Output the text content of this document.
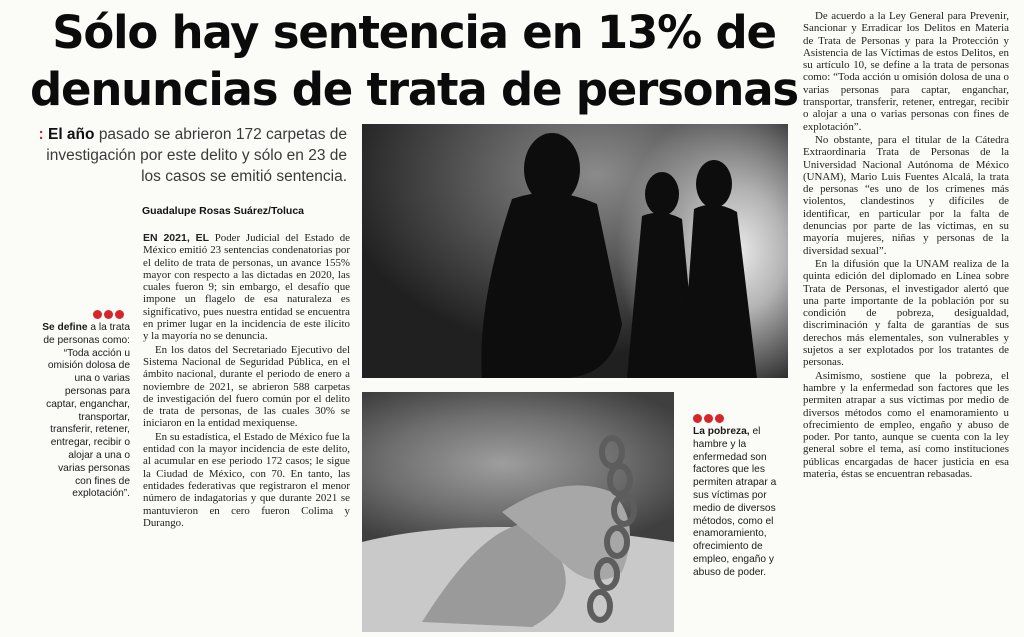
Sólo hay sentencia en 13% de
denuncias de trata de personas
: El año pasado se abrieron 172 carpetas de investigación por este delito y sólo en 23 de los casos se emitió sentencia.
Guadalupe Rosas Suárez/Toluca

EN 2021, EL Poder Judicial del Estado de México emitió 23 sentencias condenatorias por el delito de trata de personas, un avance 155% mayor con respecto a las dictadas en 2020, las cuales fueron 9; sin embargo, el desafío que impone un flagelo de esa naturaleza es significativo, pues nuestra entidad se encuentra en primer lugar en la incidencia de este ilícito y la mayoría no se denuncia.

En los datos del Secretariado Ejecutivo del Sistema Nacional de Seguridad Pública, en el ámbito nacional, durante el periodo de enero a noviembre de 2021, se abrieron 588 carpetas de investigación del fuero común por el delito de trata de personas, de las cuales 30% se iniciaron en la entidad mexiquense.

En su estadística, el Estado de México fue la entidad con la mayor incidencia de este delito, al acumular en ese periodo 172 casos; le sigue la Ciudad de México, con 70. En tanto, las entidades federativas que registraron el menor número de indagatorias y que durante 2021 se mantuvieron en cero fueron Colima y Durango.

Se define a la trata de personas como: “Toda acción u omisión dolosa de una o varias personas para captar, enganchar, transportar, transferir, retener, entregar, recibir o alojar a una o varias personas con fines de explotación”.
La pobreza, el hambre y la enfermedad son factores que les permiten atrapar a sus víctimas por medio de diversos métodos, como el enamoramiento, ofrecimiento de empleo, engaño y abuso de poder.

De acuerdo a la Ley General para Prevenir, Sancionar y Erradicar los Delitos en Materia de Trata de Personas y para la Protección y Asistencia de las Víctimas de estos Delitos, en su artículo 10, se define a la trata de personas como: “Toda acción u omisión dolosa de una o varias personas para captar, enganchar, transportar, transferir, retener, entregar, recibir o alojar a una o varias personas con fines de explotación”.

No obstante, para el titular de la Cátedra Extraordinaria Trata de Personas de la Universidad Nacional Autónoma de México (UNAM), Mario Luis Fuentes Alcalá, la trata de personas “es uno de los crímenes más violentos, clandestinos y difíciles de identificar, en particular por la falta de denuncias por parte de las víctimas, en su mayoría mujeres, niñas y personas de la diversidad sexual”.

En la difusión que la UNAM realiza de la quinta edición del diplomado en Línea sobre Trata de Personas, el investigador alertó que una parte importante de la población por su condición de pobreza, desigualdad, discriminación y falta de garantías de sus derechos más elementales, son vulnerables y sujetos a ser explotados por los tratantes de personas.

Asimismo, sostiene que la pobreza, el hambre y la enfermedad son factores que les permiten atrapar a sus víctimas por medio de diversos métodos como el enamoramiento u ofrecimiento de empleo, engaño y abuso de poder. Por tanto, aunque se cuenta con la ley general sobre el tema, así como instituciones públicas encargadas de hacer justicia en esa materia, éstas se encuentran rebasadas.
